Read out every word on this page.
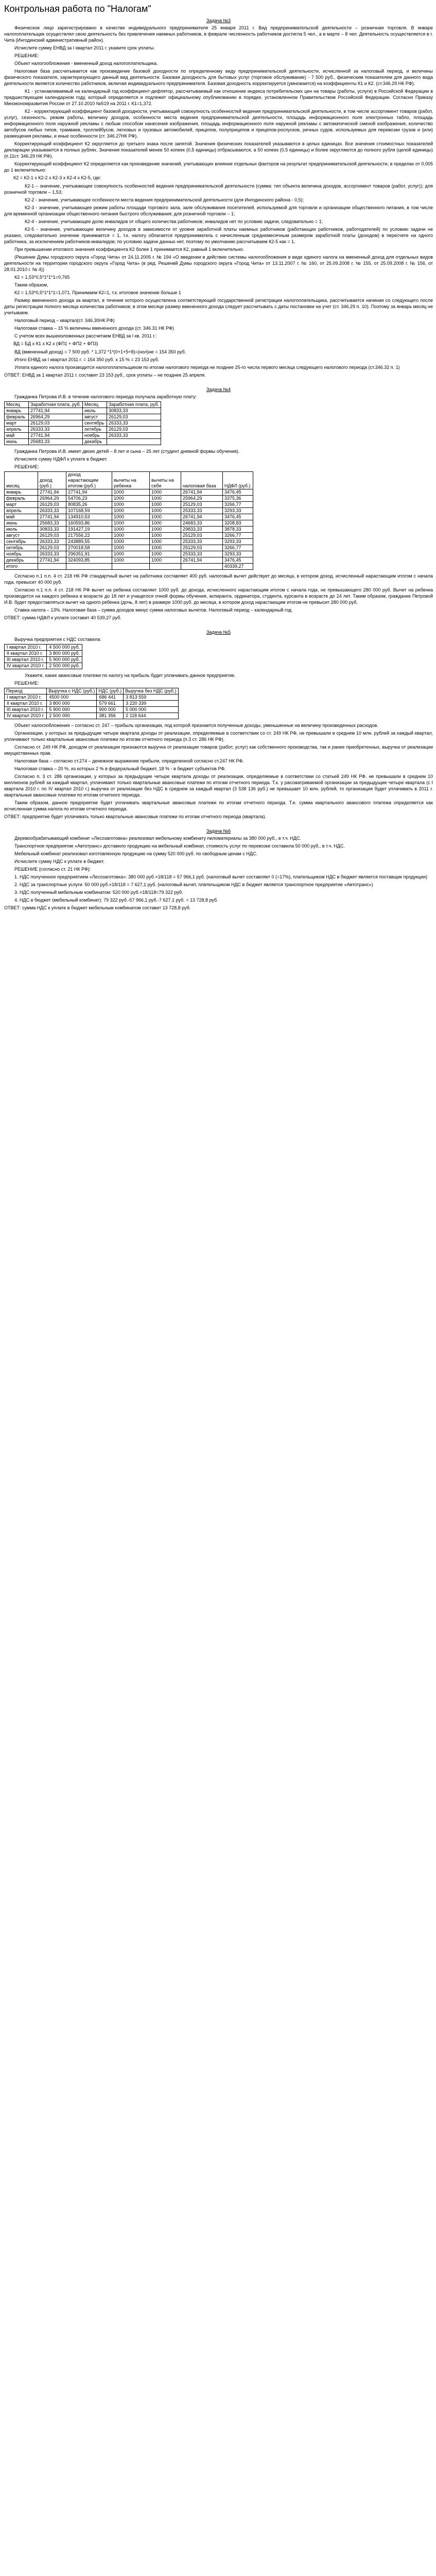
Контрольная работа по "Налогам"
Задача №3

Физическое лицо зарегистрировано в качестве индивидуального предпринимателя 25 января 2011 г. Вид предпринимательской деятельности – розничная торговля. В январе налогоплательщик осуществлял свою деятельность без привлечения наемных работников, в феврале численность работников достигла 5 чел., а в марте – 8 чел. Деятельность осуществляется в г. Чита (Ингодинский административный район).

Исчислите сумму ЕНВД за I квартал 2011 г. укажите срок уплаты.

РЕШЕНИЕ:

Объект налогообложения - вмененный доход налогоплательщика.

Налоговая база рассчитывается как произведение базовой доходности по определенному виду предпринимательской деятельности, исчисленной за налоговый период, и величины физического показателя, характеризующего данный вид деятельности. Базовая доходность для бытовых услуг (торговое обслуживание) - 7 500 руб., физическим показателем для данного вида деятельности является количество работников, включая индивидуального предпринимателя. Базовая доходность корректируется (умножается) на коэффициенты К1 и К2. (ст.346.29 НК РФ).

К1 - устанавливаемый на календарный год коэффициент-дефлятор, рассчитываемый как отношение индекса потребительских цен на товары (работы, услуги) в Российской Федерации в предшествующем календарном году, который определяется и подлежит официальному опубликованию в порядке, установленном Правительством Российской Федерации. Согласно Приказу Минэкономразвития России от 27.10.2010 №519 на 2011 г. К1=1,372.

К2 - корректирующий коэффициент базовой доходности, учитывающий совокупность особенностей ведения предпринимательской деятельности, в том числе ассортимент товаров (работ, услуг), сезонность, режим работы, величину доходов, особенности места ведения предпринимательской деятельности, площадь информационного поля электронных табло, площадь информационного поля наружной рекламы с любым способом нанесения изображения, площадь информационного поля наружной рекламы с автоматической сменой изображения, количество автобусов любых типов, трамваев, троллейбусов, легковых и грузовых автомобилей, прицепов, полуприцепов и прицепов-роспусков, речных судов, используемых для перевозки грузов и (или) размещения рекламы, и иные особенности (ст. 346.27НК РФ).

Корректирующий коэффициент К2 округляется до третьего знака после запятой. Значения физических показателей указываются в целых единицах. Все значения стоимостных показателей декларации указываются в полных рублях. Значения показателей менее 50 копеек (0,5 единицы) отбрасываются, а 50 копеек (0,5 единицы) и более округляются до полного рубля (целой единицы) (п.11ст. 346.29 НК РФ).

Корректирующий коэффициент К2 определяется как произведение значений, учитывающих влияние отдельных факторов на результат предпринимательской деятельности, в пределах от 0,005 до 1 включительно:

К2 = К2-1 х К2-2 х К2-3 х К2-4 х К2-5, где:

К2-1 – значение, учитывающее совокупность особенностей ведения предпринимательской деятельности (сумма: тип объекта величина доходов, ассортимент товаров (работ, услуг)); для розничной торговли – 1,53;

К2-2 - значение, учитывающее особенности места ведения предпринимательской деятельности (для Ингодинского района - 0,5);

К2-3 - значение, учитывающее режим работы площади торгового зала, зале обслуживания посетителей, используемой для торговли и организации общественного питания, в том числе для временной организации общественного питания быстрого обслуживания; для розничной торговли – 1;

К2-4 - значение, учитывающее долю инвалидов от общего количества работников; инвалидов нет по условию задачи, следовательно = 1;

К2-5 - значение, учитывающее величину доходов в зависимости от уровня заработной платы наемных работников (работающих работников, работодателей) по условию задачи не указано, следовательно значение принимается = 1, т.к. налогу облагается предприниматель с начисленным среднемесячным размером заработной платы (доходом) в пересчете на одного работника, за исключением работников-инвалидов; по условию задачи данных нет, поэтому по умолчанию рассчитываем К2-5 как = 1.

При превышении итогового значения коэффициента К2 более 1 принимается К2, равный 1 включительно.

(Решение Думы городского округа «Город Чита» от 24.11.2005 г. № 194 «О введении в действие системы налогообложения в виде единого налога на вмененный доход для отдельных видов деятельности на территории городского округа «Город Чита» (в ред. Решений Думы городского округа «Город Чита» от 13.11.2007 г. № 160, от 25.09.2008 г. № 155, от 25.09.2008 г. № 156, от 28.01.2010 г. № 4))

К2 = 1,53*0,5*1*1*1=0,765

Таким образом,

К2 = 1,53*0,5*1*1*1=1,071. Принимаем К2=1, т.к. итоговое значение больше 1

Размер вмененного дохода за квартал, в течение которого осуществлена соответствующей государственной регистрации налогоплательщика, рассчитывается начиная со следующего после даты регистрации полного месяца количества работников; в этом месяце размер вмененного дохода следует рассчитывать с даты постановки на учет (ст. 346.29 п. 10). Поэтому за январь месяц не учитываем.

Налоговый период – квартал(ст. 346.30НК РФ)

Налоговая ставка – 15 % величины вмененного дохода (ст. 346.31 НК РФ)

С учетом всех вышеизложенных рассчитаем ЕНВД за I кв. 2011 г.:

ВД = БД х К1 х К2 х (ФП1 + ФП2 + ФП3)

ВД (вмененный доход) = 7 500 руб. * 1,372 *1*(0+1+5+8)=(нол)не = 154 350 руб.

Итого ЕНВД за I квартал 2011 г. = 154 350 руб. х 15 % = 23 153 руб.

Уплата единого налога производится налогоплательщиком по итогам налогового периода не позднее 25-го числа первого месяца следующего налогового периода (ст.346.32 п. 1)

ОТВЕТ: ЕНВД за 1 квартал 2011 г. составит 23 153 руб., срок уплаты – не позднее 25 апреля.

Задача №4

Гражданка Петрова И.В. в течение налогового периода получала заработную плату:

Месяц	Заработная плата, руб.	Месяц	Заработная плата, руб.
январь	27741,94	июль	30833,33
февраль	26964,29	август	26129,03
март	26129,03	сентябрь	26333,33
апрель	26333,33	октябрь	26129,03
май	27741,94	ноябрь	26333,33
июнь	25683,33	декабрь	

Гражданка Петрова И.В. имеет двоих детей – 8 лет и сына – 25 лет (студент дневной формы обучения).

Исчислите сумму НДФЛ к уплате в бюджет.

РЕШЕНИЕ:

месяц	доход (руб.)	доход нарастающим итогом (руб.)	вычеты на ребенка	вычеты на себя	налоговая база	НДФЛ (руб.)
январь	27741,94	27741,94	1000	1000	26741,94	3476,45
февраль	26964,29	54706,23	1000	1000	25964,29	3375,36
март	26129,03	80835,26	1000	1000	25129,03	3266,77
апрель	26333,33	107168,59	1000	1000	25333,33	3293,33
май	27741,94	134910,53	1000	1000	26741,94	3476,45
июнь	25683,33	160593,86	1000	1000	24683,33	3208,83
июль	30833,33	191427,19	1000	1000	29833,33	3878,33
август	26129,03	217556,22	1000	1000	25129,03	3266,77
сентябрь	26333,33	243889,55	1000	1000	25333,33	3293,33
октябрь	26129,03	270018,58	1000	1000	25129,03	3266,77
ноябрь	26333,33	296351,91	1000	1000	25333,33	3293,33
декабрь	27741,94	324093,85	1000	1000	26741,94	3476,45
итого						40339,27

Согласно п.1 п.п. 4 ст. 218 НК РФ стандартный вычет на работника составляет 400 руб. налоговый вычет действует до месяца, в котором доход, исчисленный нарастающим итогом с начала года, превысит 40 000 руб.

Согласно п.1 п.п. 4 ст. 218 НК РФ вычет на ребенка составляет 1000 руб. до дохода, исчисленного нарастающим итогом с начала года, не превышающего 280 000 руб. Вычет на ребенка производится на каждого ребенка в возрасте до 18 лет и учащегося очной формы обучения, аспиранта, ординатора, студента, курсанта в возрасте до 24 лет. Таким образом, гражданке Петровой И.В. будет предоставляться вычет на одного ребенка (дочь, 8 лет) в размере 1000 руб. до месяца, в котором доход нарастающим итогом не превысит 280 000 руб.

Ставка налога – 13%. Налоговая база – сумма доходов минус сумма налоговых вычетов. Налоговый период – календарный год.

ОТВЕТ: сумма НДФЛ к уплате составит 40 539,27 руб.

Задача №5

Выручка предприятия с НДС составила:

I квартал 2010 г.	4 500 000 руб.
II квартал 2010 г.	3 800 000 руб.
III квартал 2010 г.	5 900 000 руб.
IV квартал 2010 г.	2 500 000 руб.

Укажите, какие авансовые платежи по налогу на прибыль будет уплачивать данное предприятие.

РЕШЕНИЕ:

Период	Выручка с НДС (руб.)	НДС (руб.)	Выручка без НДС (руб.)
I квартал 2010 г.	4500 000	686 441	3 813 559
II квартал 2010 г.	3 800 000	579 661	3 220 339
III квартал 2010 г.	5 900 000	900 000	5 000 000
IV квартал 2010 г.	2 500 000	381 356	2 118 644

Объект налогообложения – согласно ст. 247 – прибыль организации, под которой признается полученные доходы, уменьшенные на величину произведенных расходов.

Организации, у которых за предыдущие четыре квартала доходы от реализации, определяемые в соответствии со ст. 249 НК РФ, не превышали в среднем 10 млн. рублей за каждый квартал, уплачивают только квартальные авансовые платежи по итогам отчетного периода (п.3 ст. 286 НК РФ).

Согласно ст. 249 НК РФ, доходом от реализации признаются выручка от реализации товаров (работ, услуг) как собственного производства, так и ранее приобретенных, выручка от реализации имущественных прав.

Налоговая база – согласно ст.274 – денежное выражение прибыли, определенной согласно ст.247 НК РФ.

Налоговая ставка – 20 %, из которых 2 % в федеральный бюджет, 18 % - в бюджет субъектов РФ.

Согласно п. 3 ст. 286 организации, у которых за предыдущие четыре квартала доходы от реализации, определяемые в соответствии со статьей 249 НК РФ, не превышали в среднем 10 миллионов рублей за каждый квартал, уплачивают только квартальные авансовые платежи по итогам отчетного периода. Т.к. у рассматриваемой организации за предыдущие четыре квартала (с I квартала 2010 г. по IV квартал 2010 г.) выручка от реализации без НДС в среднем за каждый квартал (3 538 136 руб.) не превышает 10 млн. рублей, то организация будет уплачивать в 2011 г. квартальные авансовые платежи по итогам отчетного периода.

Таким образом, данное предприятие будет уплачивать квартальные авансовые платежи по итогам отчетного периода. Т.е. сумма квартального авансового платежа определяется как исчисленная сумма налога по итогам отчетного периода.

ОТВЕТ: предприятие будет уплачивать только квартальные авансовые платежи по итогам отчетного периода (квартала).

Задача №6

Деревообрабатывающий комбинат «Лесозаготовка» реализовал мебельному комбинату пиломатериалы за 380 000 руб., в т.ч. НДС.

Транспортное предприятие «Автотранс» доставило продукцию на мебельный комбинат, стоимость услуг по перевозке составила 50 000 руб., в т.ч. НДС.

Мебельный комбинат реализовал изготовленную продукцию на сумму 520 000 руб. по свободным ценам с НДС.

Исчислите сумму НДС к уплате в бюджет.

РЕШЕНИЕ (согласно ст. 21 НК РФ):

1. НДС полученное предприятием «Лесозаготовка»: 380 000 руб.×18/118 = 57 966,1 руб. (налоговый вычет составляет 0 (=17%), плательщиком НДС в бюджет является поставщик продукции)

2. НДС за транспортные услуги: 50 000 руб.×18/118 = 7 627,1 руб. (налоговый вычет, плательщиком НДС в бюджет является транспортное предприятие «Автотранс»)

3. НДС полученный мебельным комбинатом: 520 000 руб.×18/118=79 322 руб.

4. НДС в бюджет (мебельный комбинат): 79 322 руб.-57 966,1 руб.-7 627,1 руб. = 13 728,8 руб.

ОТВЕТ: сумма НДС к уплате в бюджет мебельным комбинатом составит 13 728,8 руб.
